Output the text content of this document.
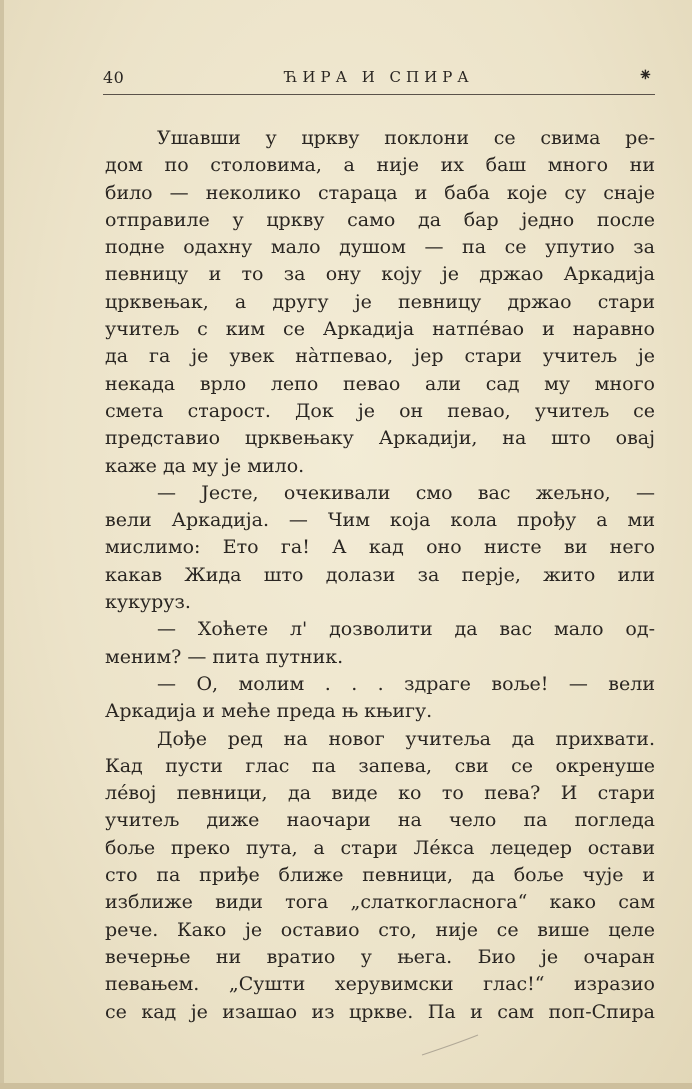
40	ЋИРА И СПИРА	⁕
Ушавши у цркву поклони се свима ре-
дом по столовима, а није их баш много ни
било — неколико стараца и баба које су снаје
отправиле у цркву само да бар једно после
подне одахну мало душом — па се упутио за
певницу и то за ону коју је држао Аркадија
црквењак, а другу је певницу држао стари
учитељ с ким се Аркадија натпе́вао и наравно
да га је увек на̀тпевао, јер стари учитељ је
некада врло лепо певао али сад му много
смета старост. Док је он певао, учитељ се
представио црквењаку Аркадији, на што овај
каже да му је мило.
— Јесте, очекивали смо вас жељно, —
вели Аркадија. — Чим која кола прођу а ми
мислимо: Ето га! А кад оно нисте ви него
какав Жида што долази за перје, жито или
кукуруз.
— Хоћете л' дозволити да вас мало од-
меним? — пита путник.
— О, молим . . . здраге воље! — вели
Аркадија и меће преда њ књигу.
Дође ред на новог учитеља да прихвати.
Кад пусти глас па запева, сви се окренуше
ле́вој певници, да виде ко то пева? И стари
учитељ диже наочари на чело па погледа
боље преко пута, а стари Ле́кса лецедер остави
сто па приђе ближе певници, да боље чује и
изближе види тога „слаткогласнога“ како сам
рече. Како је оставио сто, није се више целе
вечерње ни вратио у њега. Био је очаран
певањем. „Сушти херувимски глас!“ изразио
се кад је изашао из цркве. Па и сам поп-Спира
